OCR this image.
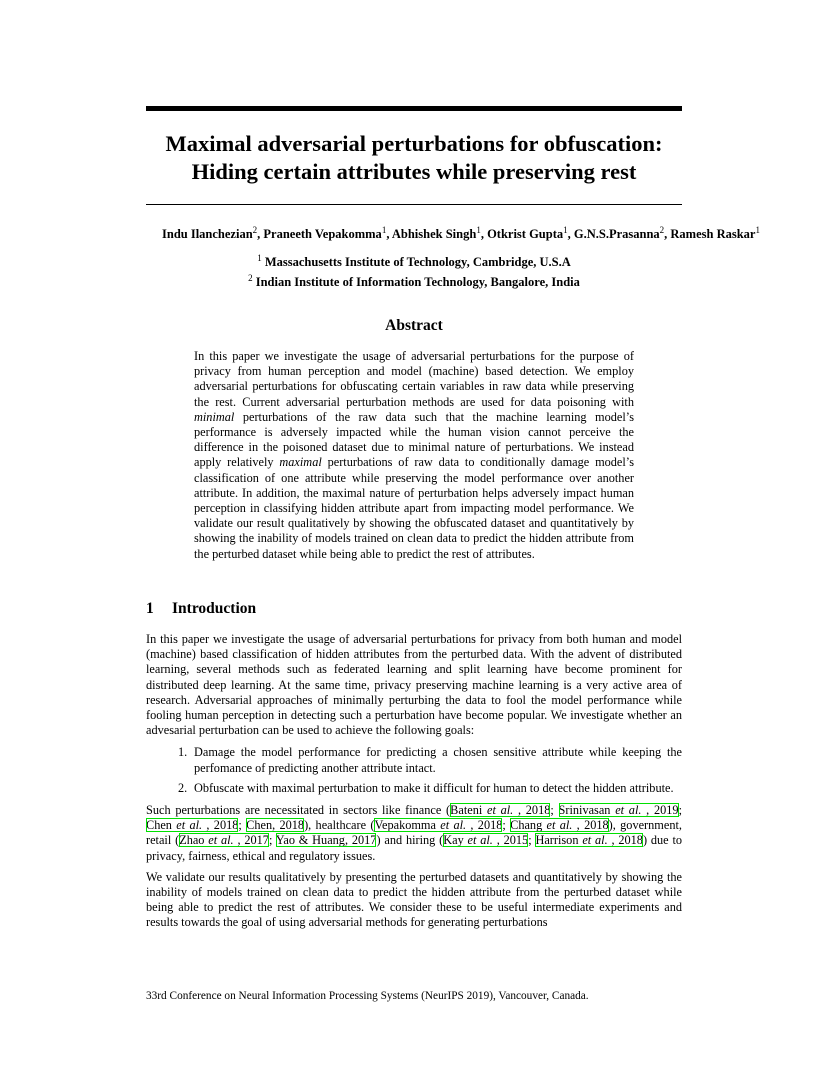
Maximal adversarial perturbations for obfuscation:
Hiding certain attributes while preserving rest
Indu Ilanchezian$^2$, Praneeth Vepakomma$^1$, Abhishek Singh$^1$, Otkrist Gupta$^1$, G.N.S.Prasanna$^2$, Ramesh Raskar$^1$
$^1$ Massachusetts Institute of Technology, Cambridge, U.S.A
$^2$ Indian Institute of Information Technology, Bangalore, India
Abstract
In this paper we investigate the usage of adversarial perturbations for the purpose of privacy from human perception and model (machine) based detection. We employ adversarial perturbations for obfuscating certain variables in raw data while preserving the rest. Current adversarial perturbation methods are used for data poisoning with minimal perturbations of the raw data such that the machine learning model’s performance is adversely impacted while the human vision cannot perceive the difference in the poisoned dataset due to minimal nature of perturbations. We instead apply relatively maximal perturbations of raw data to conditionally damage model’s classification of one attribute while preserving the model performance over another attribute. In addition, the maximal nature of perturbation helps adversely impact human perception in classifying hidden attribute apart from impacting model performance. We validate our result qualitatively by showing the obfuscated dataset and quantitatively by showing the inability of models trained on clean data to predict the hidden attribute from the perturbed dataset while being able to predict the rest of attributes.
1 Introduction

In this paper we investigate the usage of adversarial perturbations for privacy from both human and model (machine) based classification of hidden attributes from the perturbed data. With the advent of distributed learning, several methods such as federated learning and split learning have become prominent for distributed deep learning. At the same time, privacy preserving machine learning is a very active area of research. Adversarial approaches of minimally perturbing the data to fool the model performance while fooling human perception in detecting such a perturbation have become popular. We investigate whether an advesarial perturbation can be used to achieve the following goals:

1. Damage the model performance for predicting a chosen sensitive attribute while keeping the perfomance of predicting another attribute intact.
2. Obfuscate with maximal perturbation to make it difficult for human to detect the hidden attribute.

Such perturbations are necessitated in sectors like finance (Bateni et al. , 2018; Srinivasan et al. , 2019; Chen et al. , 2018; Chen, 2018), healthcare (Vepakomma et al. , 2018; Chang et al. , 2018), government, retail (Zhao et al. , 2017; Yao & Huang, 2017) and hiring (Kay et al. , 2015; Harrison et al. , 2018) due to privacy, fairness, ethical and regulatory issues.

We validate our results qualitatively by presenting the perturbed datasets and quantitatively by showing the inability of models trained on clean data to predict the hidden attribute from the perturbed dataset while being able to predict the rest of attributes. We consider these to be useful intermediate experiments and results towards the goal of using adversarial methods for generating perturbations

33rd Conference on Neural Information Processing Systems (NeurIPS 2019), Vancouver, Canada.
